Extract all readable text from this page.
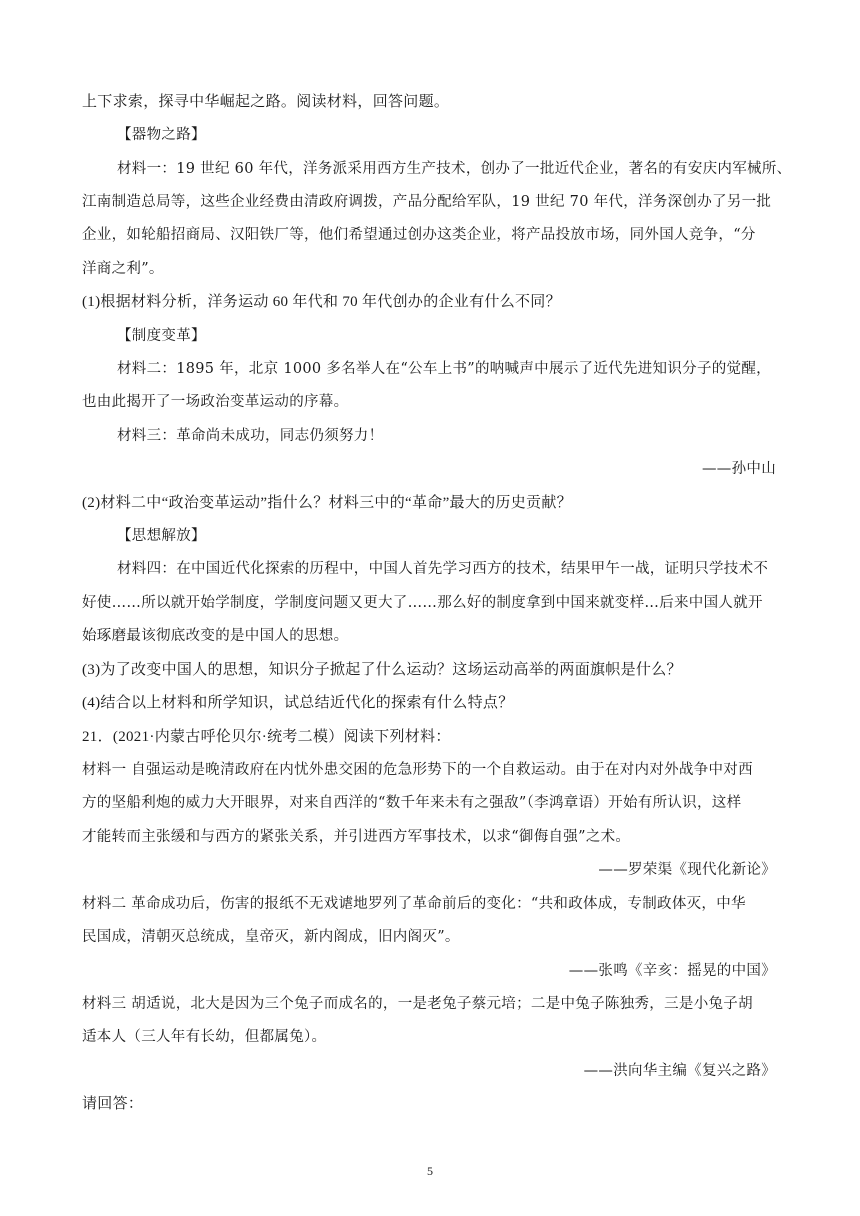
上下求索，探寻中华崛起之路。阅读材料，回答问题。
【器物之路】
材料一：19 世纪 60 年代，洋务派采用西方生产技术，创办了一批近代企业，著名的有安庆内军械所、
江南制造总局等，这些企业经费由清政府调拨，产品分配给军队，19 世纪 70 年代，洋务深创办了另一批
企业，如轮船招商局、汉阳铁厂等，他们希望通过创办这类企业，将产品投放市场，同外国人竞争，“分
洋商之利”。
(1)根据材料分析，洋务运动 60 年代和 70 年代创办的企业有什么不同？
【制度变革】
材料二：1895 年，北京 1000 多名举人在“公车上书”的呐喊声中展示了近代先进知识分子的觉醒，
也由此揭开了一场政治变革运动的序幕。
材料三：革命尚未成功，同志仍须努力！
——孙中山
(2)材料二中“政治变革运动”指什么？材料三中的“革命”最大的历史贡献？
【思想解放】
材料四：在中国近代化探索的历程中，中国人首先学习西方的技术，结果甲午一战，证明只学技术不
好使……所以就开始学制度，学制度问题又更大了……那么好的制度拿到中国来就变样…后来中国人就开
始琢磨最该彻底改变的是中国人的思想。
(3)为了改变中国人的思想，知识分子掀起了什么运动？这场运动高举的两面旗帜是什么？
(4)结合以上材料和所学知识，试总结近代化的探索有什么特点？
21．(2021·内蒙古呼伦贝尔·统考二模）阅读下列材料：
材料一 自强运动是晚清政府在内忧外患交困的危急形势下的一个自救运动。由于在对内对外战争中对西
方的坚船利炮的威力大开眼界，对来自西洋的“数千年来未有之强敌”（李鸿章语）开始有所认识，这样
才能转而主张缓和与西方的紧张关系，并引进西方军事技术，以求“御侮自强”之术。
——罗荣渠《现代化新论》
材料二 革命成功后，伤害的报纸不无戏谑地罗列了革命前后的变化：“共和政体成，专制政体灭，中华
民国成，清朝灭总统成，皇帝灭，新内阁成，旧内阁灭”。
——张鸣《辛亥：摇晃的中国》
材料三 胡适说，北大是因为三个兔子而成名的，一是老兔子蔡元培；二是中兔子陈独秀，三是小兔子胡
适本人（三人年有长幼，但都属兔）。
——洪向华主编《复兴之路》
请回答：
5
